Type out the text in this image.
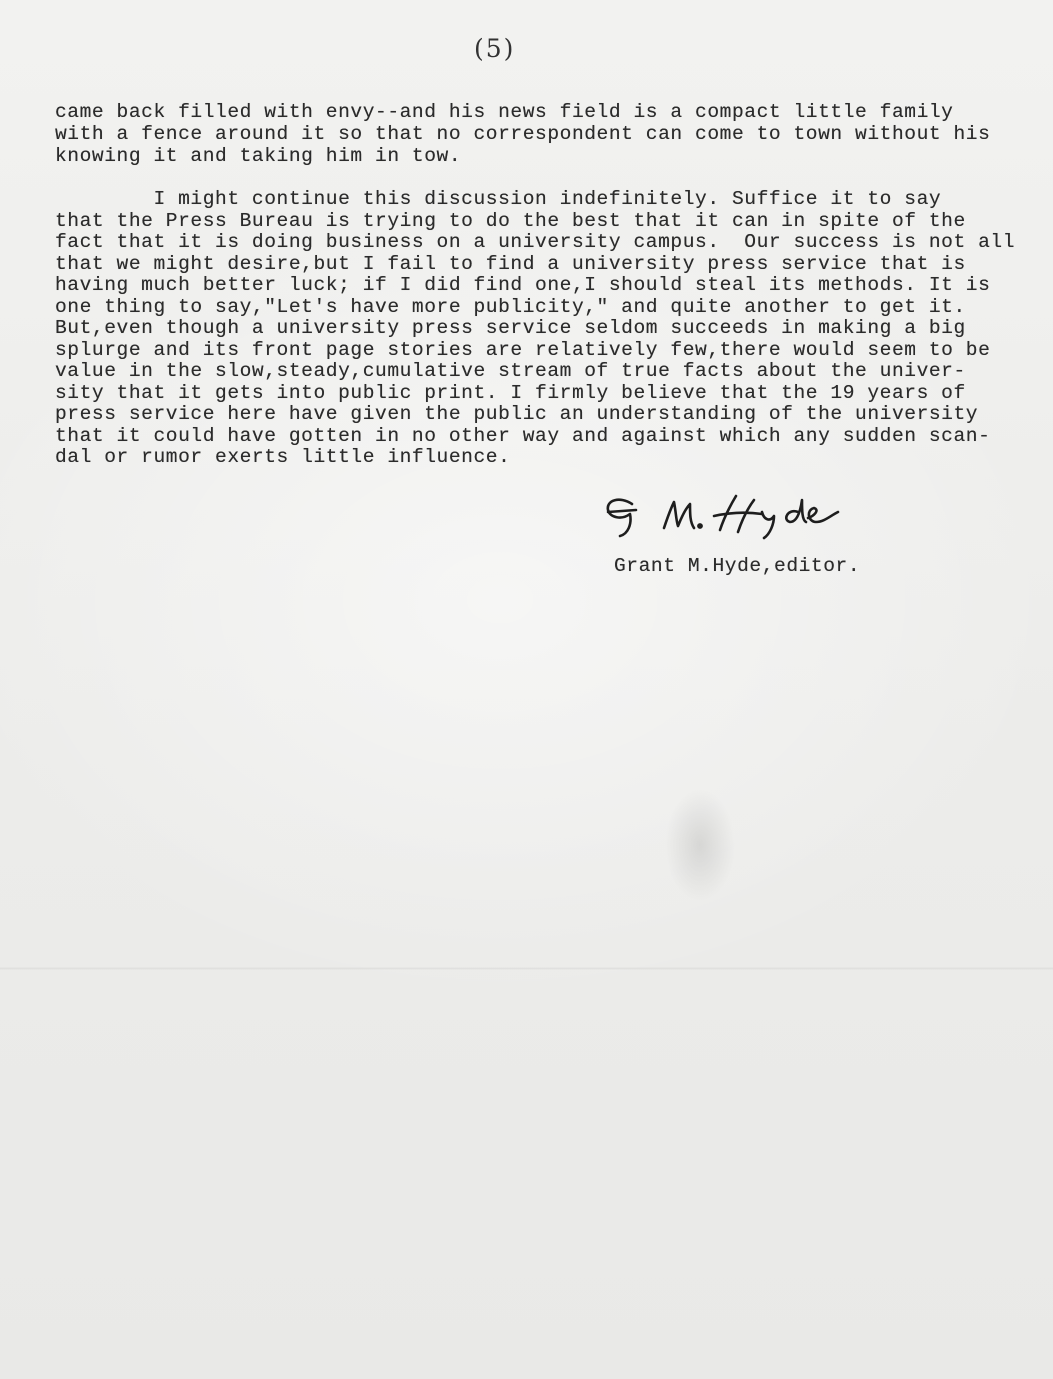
(5)
came back filled with envy--and his news field is a compact little family
with a fence around it so that no correspondent can come to town without his
knowing it and taking him in tow.
I might continue this discussion indefinitely. Suffice it to say
that the Press Bureau is trying to do the best that it can in spite of the
fact that it is doing business on a university campus.  Our success is not all
that we might desire,but I fail to find a university press service that is
having much better luck; if I did find one,I should steal its methods. It is
one thing to say,"Let's have more publicity," and quite another to get it.
But,even though a university press service seldom succeeds in making a big
splurge and its front page stories are relatively few,there would seem to be
value in the slow,steady,cumulative stream of true facts about the univer-
sity that it gets into public print. I firmly believe that the 19 years of
press service here have given the public an understanding of the university
that it could have gotten in no other way and against which any sudden scan-
dal or rumor exerts little influence.
Grant M.Hyde,editor.
